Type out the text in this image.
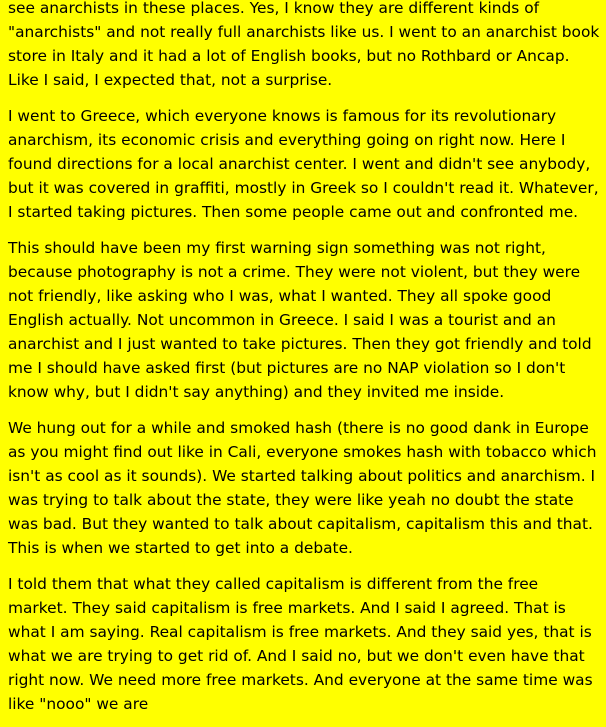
see anarchists in these places. Yes, I know they are different kinds of "anarchists" and not really full anarchists like us. I went to an anarchist book store in Italy and it had a lot of English books, but no Rothbard or Ancap. Like I said, I expected that, not a surprise.

I went to Greece, which everyone knows is famous for its revolutionary anarchism, its economic crisis and everything going on right now. Here I found directions for a local anarchist center. I went and didn't see anybody, but it was covered in graffiti, mostly in Greek so I couldn't read it. Whatever, I started taking pictures. Then some people came out and confronted me.

This should have been my first warning sign something was not right, because photography is not a crime. They were not violent, but they were not friendly, like asking who I was, what I wanted. They all spoke good English actually. Not uncommon in Greece. I said I was a tourist and an anarchist and I just wanted to take pictures. Then they got friendly and told me I should have asked first (but pictures are no NAP violation so I don't know why, but I didn't say anything) and they invited me inside.

We hung out for a while and smoked hash (there is no good dank in Europe as you might find out like in Cali, everyone smokes hash with tobacco which isn't as cool as it sounds). We started talking about politics and anarchism. I was trying to talk about the state, they were like yeah no doubt the state was bad. But they wanted to talk about capitalism, capitalism this and that. This is when we started to get into a debate.

I told them that what they called capitalism is different from the free market. They said capitalism is free markets. And I said I agreed. That is what I am saying. Real capitalism is free markets. And they said yes, that is what we are trying to get rid of. And I said no, but we don't even have that right now. We need more free markets. And everyone at the same time was like "nooo" we are
